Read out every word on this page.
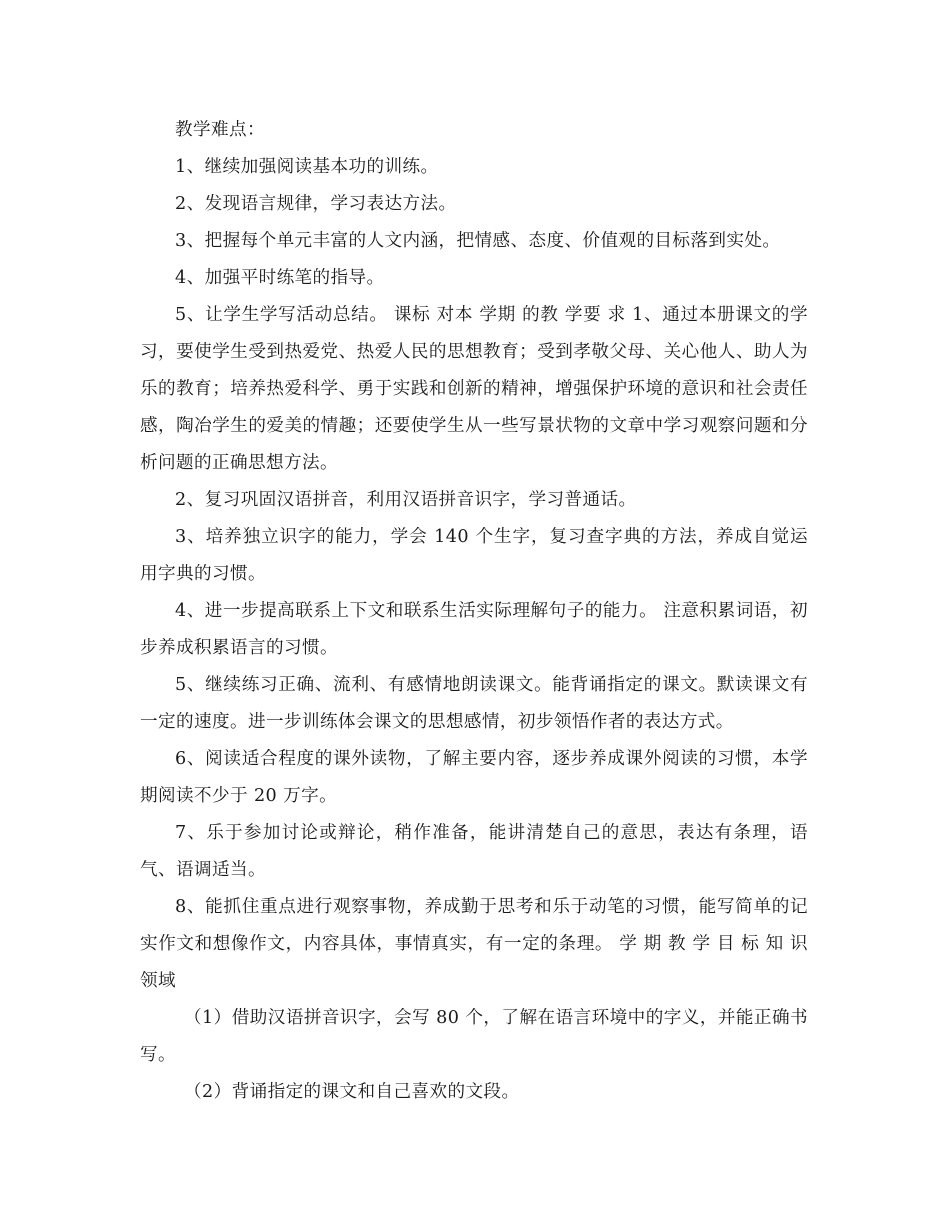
教学难点：

1、继续加强阅读基本功的训练。

2、发现语言规律，学习表达方法。

3、把握每个单元丰富的人文内涵，把情感、态度、价值观的目标落到实处。

4、加强平时练笔的指导。

5、让学生学写活动总结。 课标 对本 学期 的教 学要 求 1、通过本册课文的学习，要使学生受到热爱党、热爱人民的思想教育；受到孝敬父母、关心他人、助人为乐的教育；培养热爱科学、勇于实践和创新的精神，增强保护环境的意识和社会责任感，陶冶学生的爱美的情趣；还要使学生从一些写景状物的文章中学习观察问题和分析问题的正确思想方法。

2、复习巩固汉语拼音，利用汉语拼音识字，学习普通话。

3、培养独立识字的能力，学会 140 个生字，复习查字典的方法，养成自觉运用字典的习惯。

4、进一步提高联系上下文和联系生活实际理解句子的能力。 注意积累词语，初步养成积累语言的习惯。

5、继续练习正确、流利、有感情地朗读课文。能背诵指定的课文。默读课文有一定的速度。进一步训练体会课文的思想感情，初步领悟作者的表达方式。

6、阅读适合程度的课外读物，了解主要内容，逐步养成课外阅读的习惯，本学期阅读不少于 20 万字。

7、乐于参加讨论或辩论，稍作准备，能讲清楚自己的意思，表达有条理，语气、语调适当。

8、能抓住重点进行观察事物，养成勤于思考和乐于动笔的习惯，能写简单的记实作文和想像作文，内容具体，事情真实，有一定的条理。 学 期 教 学 目 标 知 识领域

（1）借助汉语拼音识字，会写 80 个，了解在语言环境中的字义，并能正确书写。

（2）背诵指定的课文和自己喜欢的文段。
